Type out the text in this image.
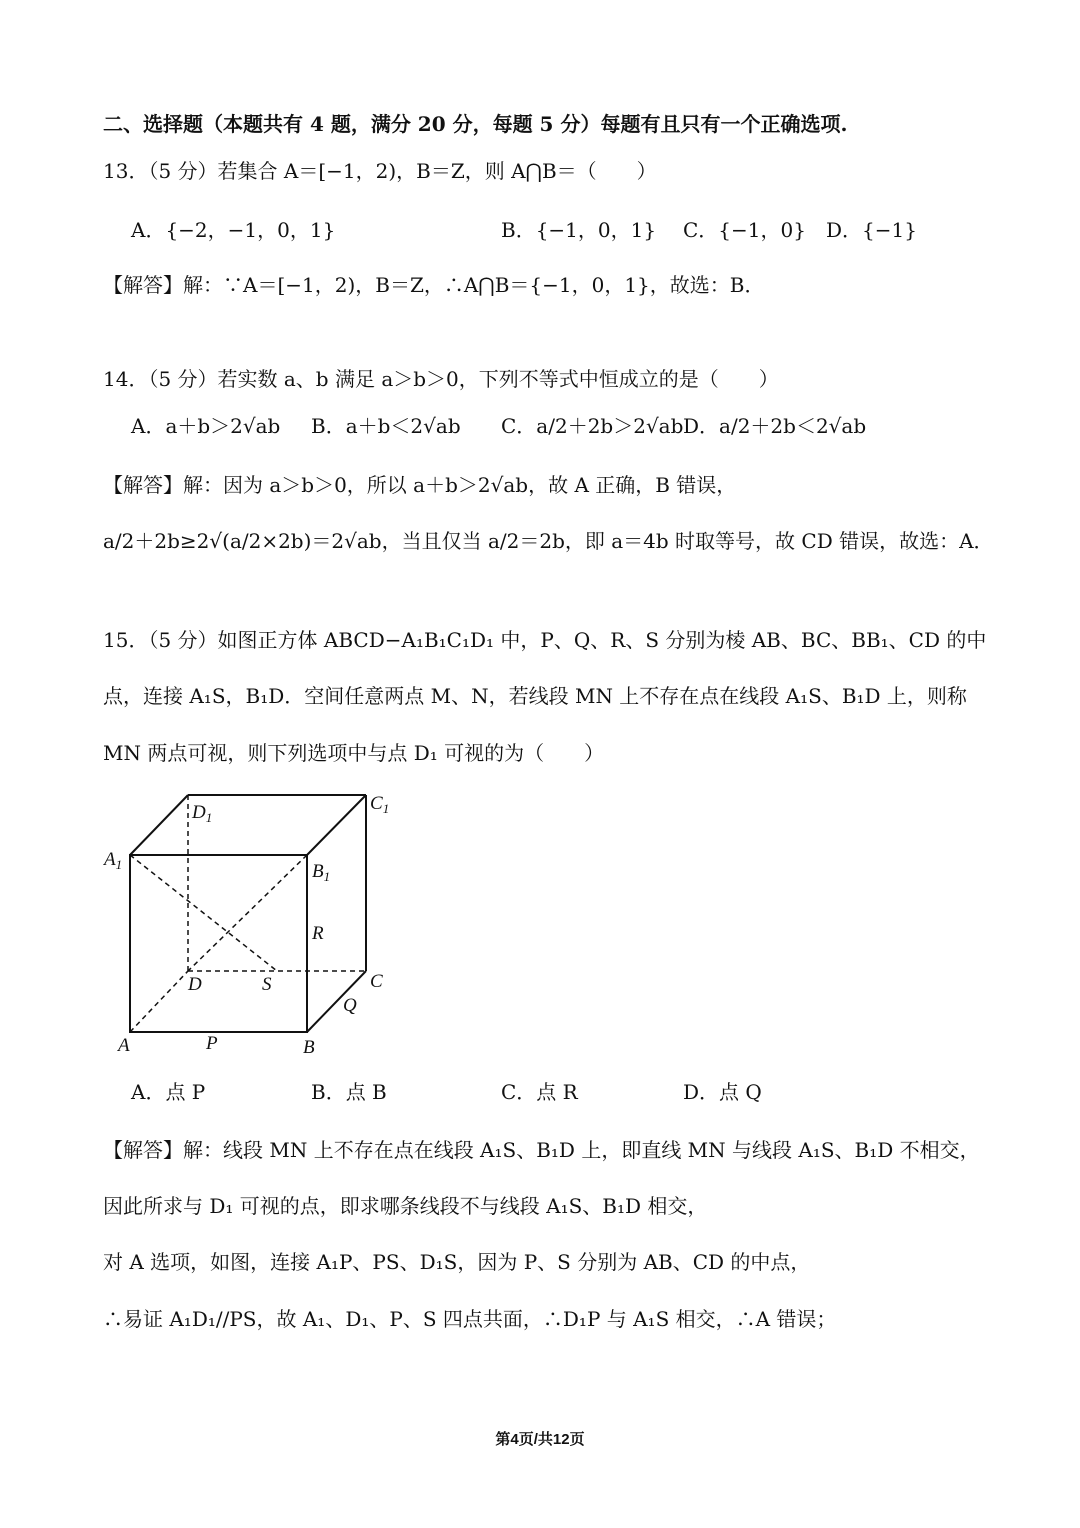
二、选择题（本题共有 4 题，满分 20 分，每题 5 分）每题有且只有一个正确选项.
13．（5 分）若集合 A＝[−1，2)，B＝Z，则 A⋂B＝（　　）
A．{−2，−1，0，1}	B．{−1，0，1} C．{−1，0} D．{−1}
【解答】解：∵A＝[−1，2)，B＝Z，∴A⋂B＝{−1，0，1}，故选：B．
14．（5 分）若实数 a、b 满足 a＞b＞0，下列不等式中恒成立的是（　　）
A．a＋b＞2√ab B．a＋b＜2√ab C．a/2＋2b＞2√ab D．a/2＋2b＜2√ab
【解答】解：因为 a＞b＞0，所以 a＋b＞2√ab，故 A 正确，B 错误，
a/2＋2b≥2√(a/2×2b)＝2√ab，当且仅当 a/2＝2b，即 a＝4b 时取等号，故 CD 错误，故选：A．
15．（5 分）如图正方体 ABCD−A₁B₁C₁D₁ 中，P、Q、R、S 分别为棱 AB、BC、BB₁、CD 的中
点，连接 A₁S，B₁D．空间任意两点 M、N，若线段 MN 上不存在点在线段 A₁S、B₁D 上，则称
MN 两点可视，则下列选项中与点 D₁ 可视的为（　　）
$D_1$
$C_1$
$A_1$	$B_1$
R
D	S	C
Q
A	P	B
A．点 P	B．点 B	C．点 R	D．点 Q
【解答】解：线段 MN 上不存在点在线段 A₁S、B₁D 上，即直线 MN 与线段 A₁S、B₁D 不相交，
因此所求与 D₁ 可视的点，即求哪条线段不与线段 A₁S、B₁D 相交，
对 A 选项，如图，连接 A₁P、PS、D₁S，因为 P、S 分别为 AB、CD 的中点，
∴易证 A₁D₁//PS，故 A₁、D₁、P、S 四点共面，∴D₁P 与 A₁S 相交，∴A 错误；
第4页/共12页
